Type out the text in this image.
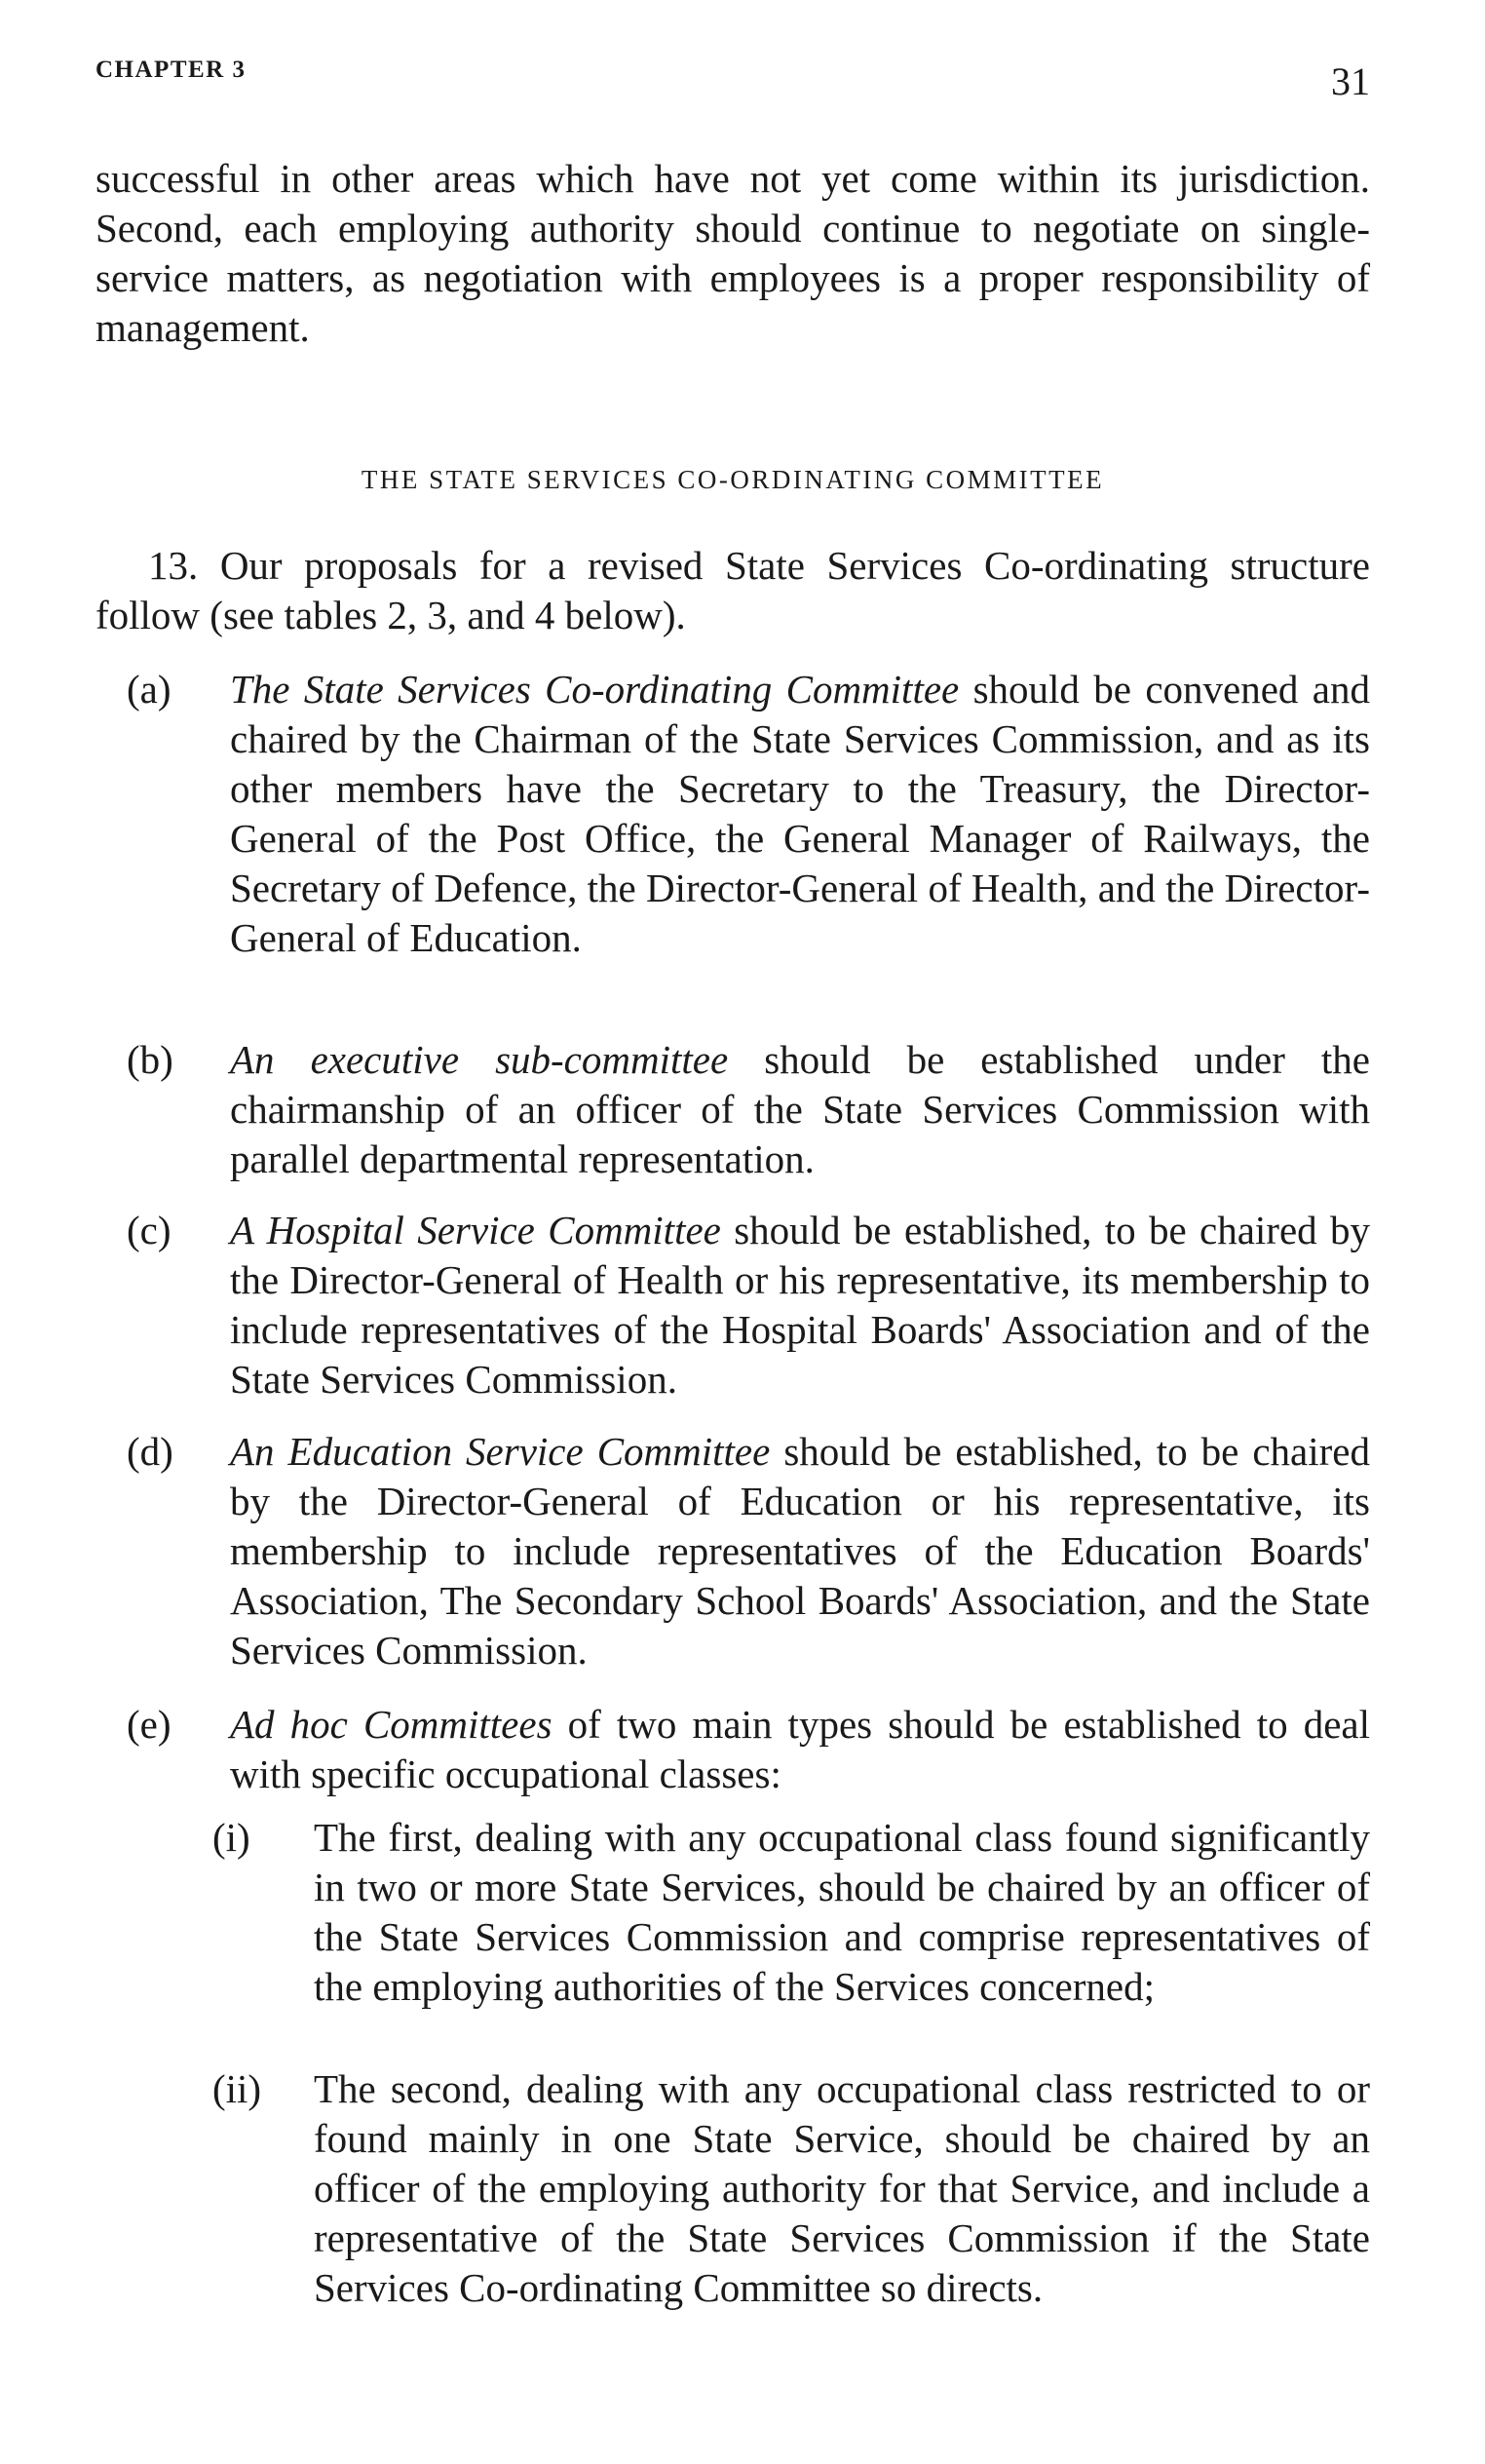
CHAPTER 3	31

successful in other areas which have not yet come within its jurisdiction. Second, each employing authority should continue to negotiate on single-service matters, as negotiation with employees is a proper responsibility of management.

THE STATE SERVICES CO-ORDINATING COMMITTEE

13. Our proposals for a revised State Services Co-ordinating structure follow (see tables 2, 3, and 4 below).

(a)	The State Services Co-ordinating Committee should be convened and chaired by the Chairman of the State Services Commission, and as its other members have the Secretary to the Treasury, the Director-General of the Post Office, the General Manager of Railways, the Secretary of Defence, the Director-General of Health, and the Director-General of Education.
(b)	An executive sub-committee should be established under the chairmanship of an officer of the State Services Commission with parallel departmental representation.
(c)	A Hospital Service Committee should be established, to be chaired by the Director-General of Health or his representative, its membership to include representatives of the Hospital Boards' Association and of the State Services Commission.
(d)	An Education Service Committee should be established, to be chaired by the Director-General of Education or his representative, its membership to include representatives of the Education Boards' Association, The Secondary School Boards' Association, and the State Services Commission.
(e)	Ad hoc Committees of two main types should be established to deal with specific occupational classes:
(i)	The first, dealing with any occupational class found significantly in two or more State Services, should be chaired by an officer of the State Services Commission and comprise representatives of the employing authorities of the Services concerned;
(ii)	The second, dealing with any occupational class restricted to or found mainly in one State Service, should be chaired by an officer of the employing authority for that Service, and include a representative of the State Services Commission if the State Services Co-ordinating Committee so directs.
